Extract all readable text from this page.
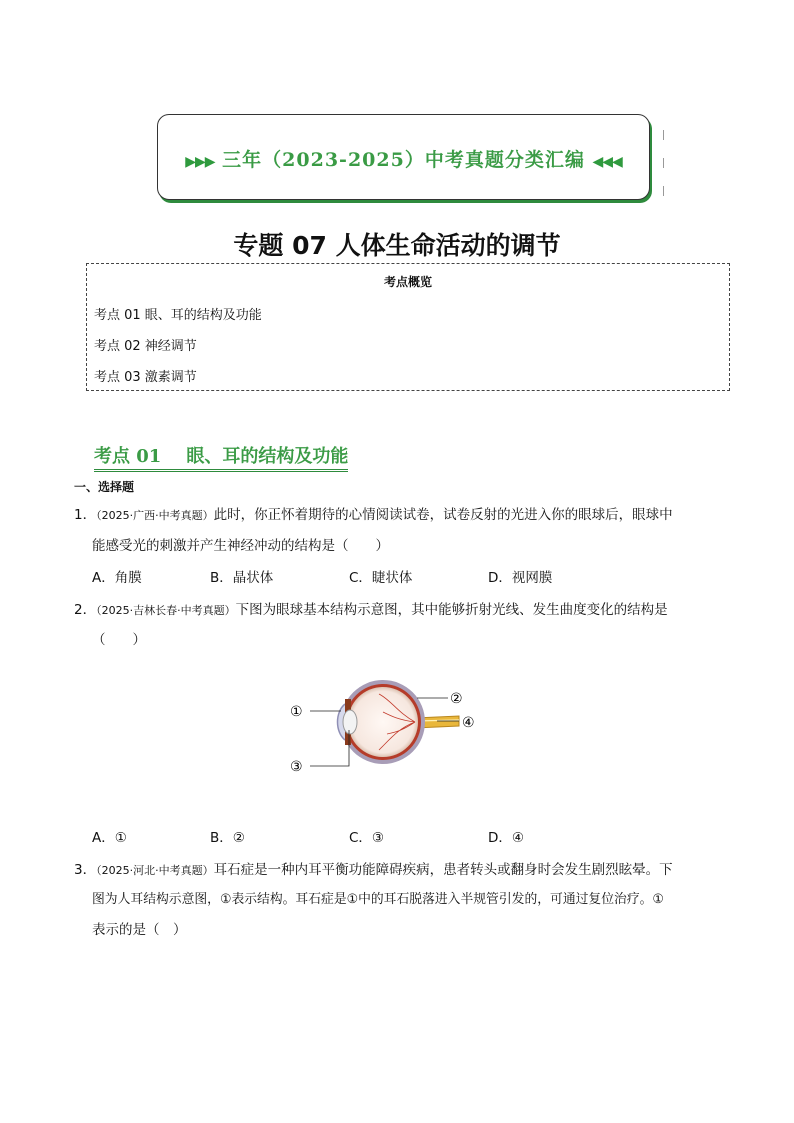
▶▶▶ 三年（2023-2025）中考真题分类汇编 ◀◀◀
专题 07 人体生命活动的调节
考点概览
考点 01 眼、耳的结构及功能
考点 02 神经调节
考点 03 激素调节
考点 01    眼、耳的结构及功能
一、选择题
1．（2025·广西·中考真题）此时，你正怀着期待的心情阅读试卷，试卷反射的光进入你的眼球后，眼球中
能感受光的刺激并产生神经冲动的结构是（　　）
A．角膜	B．晶状体	C．睫状体	D．视网膜
2．（2025·吉林长春·中考真题）下图为眼球基本结构示意图，其中能够折射光线、发生曲度变化的结构是
（　　）
①
②
④
③
A．①	B．②	C．③	D．④
3．（2025·河北·中考真题）耳石症是一种内耳平衡功能障碍疾病，患者转头或翻身时会发生剧烈眩晕。下
图为人耳结构示意图，①表示结构。耳石症是①中的耳石脱落进入半规管引发的，可通过复位治疗。①
表示的是（　）
